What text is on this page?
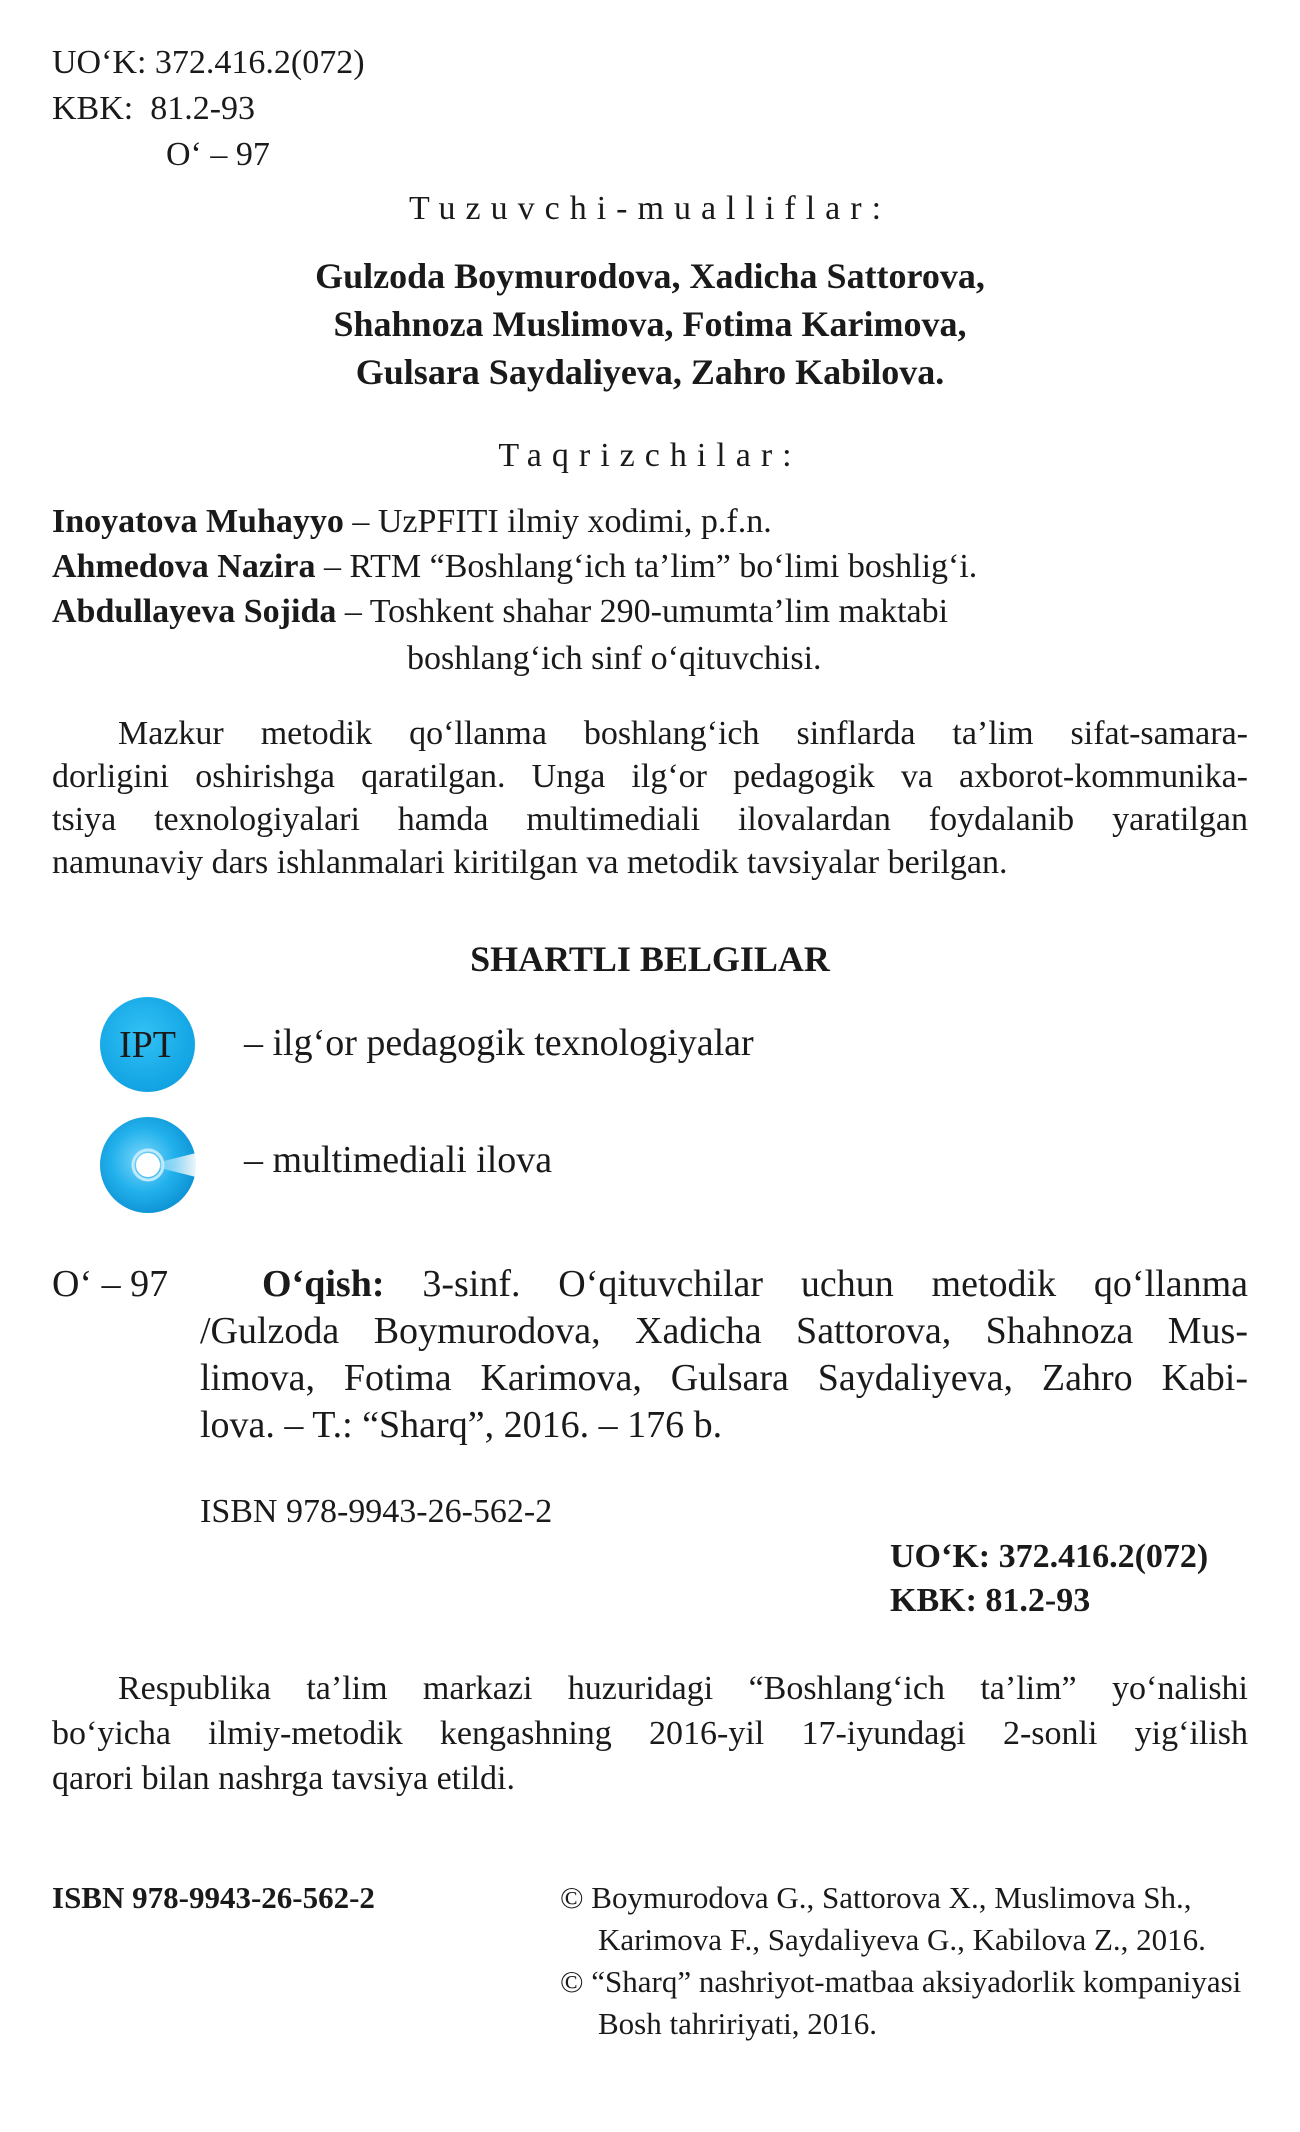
UO‘K: 372.416.2(072)
KBK:  81.2-93
O‘ – 97
Tuzuvchi-mualliflar:
Gulzoda Boymurodova, Xadicha Sattorova,
Shahnoza Muslimova, Fotima Karimova,
Gulsara Saydaliyeva, Zahro Kabilova.
Taqrizchilar:
Inoyatova Muhayyo – UzPFITI ilmiy xodimi, p.f.n.
Ahmedova Nazira – RTM “Boshlang‘ich ta’lim” bo‘limi boshlig‘i.
Abdullayeva Sojida – Toshkent shahar 290-umumta’lim maktabi
boshlang‘ich sinf o‘qituvchisi.
Mazkur metodik qo‘llanma boshlang‘ich sinflarda ta’lim sifat-samara-
dorligini oshirishga qaratilgan. Unga ilg‘or pedagogik va axborot-kommunika-
tsiya texnologiyalari hamda multimediali ilovalardan foydalanib yaratilgan
namunaviy dars ishlanmalari kiritilgan va metodik tavsiyalar berilgan.
SHARTLI BELGILAR
IPT – ilg‘or pedagogik texnologiyalar
– multimediali ilova
O‘ – 97 O‘qish: 3-sinf. O‘qituvchilar uchun metodik qo‘llanma
/Gulzoda Boymurodova, Xadicha Sattorova, Shahnoza Mus-
limova, Fotima Karimova, Gulsara Saydaliyeva, Zahro Kabi-
lova. – T.: “Sharq”, 2016. – 176 b.
ISBN 978-9943-26-562-2
UO‘K: 372.416.2(072)
KBK: 81.2-93
Respublika ta’lim markazi huzuridagi “Boshlang‘ich ta’lim” yo‘nalishi
bo‘yicha ilmiy-metodik kengashning 2016-yil 17-iyundagi 2-sonli yig‘ilish
qarori bilan nashrga tavsiya etildi.
ISBN 978-9943-26-562-2	© Boymurodova G., Sattorova X., Muslimova Sh.,
Karimova F., Saydaliyeva G., Kabilova Z., 2016.
© “Sharq” nashriyot-matbaa aksiyadorlik kompaniyasi
Bosh tahririyati, 2016.
